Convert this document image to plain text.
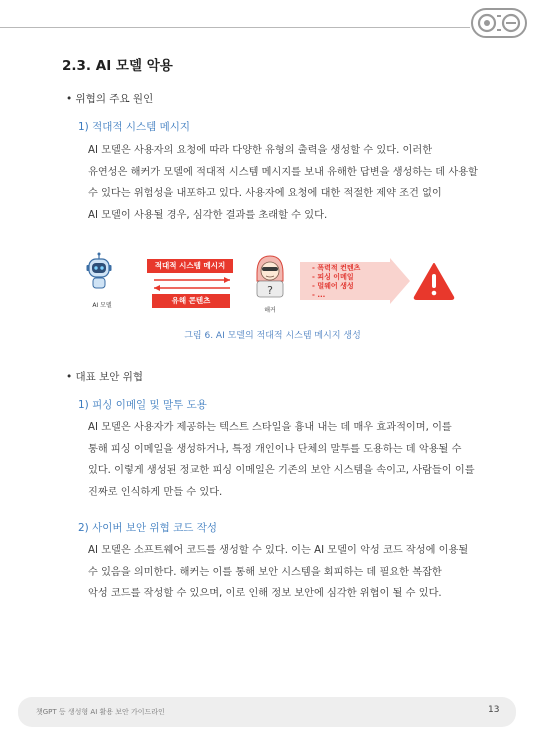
2.3. AI 모델 악용
• 위협의 주요 원인
1) 적대적 시스템 메시지
AI 모델은 사용자의 요청에 따라 다양한 유형의 출력을 생성할 수 있다. 이러한
유연성은 해커가 모델에 적대적 시스템 메시지를 보내 유해한 답변을 생성하는 데 사용할
수 있다는 위험성을 내포하고 있다. 사용자에 요청에 대한 적절한 제약 조건 없이
AI 모델이 사용될 경우, 심각한 결과를 초래할 수 있다.
AI 모델
적대적 시스템 메시지
유해 콘텐츠
?
해커
- 폭력적 컨텐츠
- 피싱 이메일
- 멀웨어 생성
- ...
그림 6. AI 모델의 적대적 시스템 메시지 생성
• 대표 보안 위협
1) 피싱 이메일 및 말투 도용
AI 모델은 사용자가 제공하는 텍스트 스타일을 흉내 내는 데 매우 효과적이며, 이를
통해 피싱 이메일을 생성하거나, 특정 개인이나 단체의 말투를 도용하는 데 악용될 수
있다. 이렇게 생성된 정교한 피싱 이메일은 기존의 보안 시스템을 속이고, 사람들이 이를
진짜로 인식하게 만들 수 있다.
2) 사이버 보안 위협 코드 작성
AI 모델은 소프트웨어 코드를 생성할 수 있다. 이는 AI 모델이 악성 코드 작성에 이용될
수 있음을 의미한다. 해커는 이를 통해 보안 시스템을 회피하는 데 필요한 복잡한
악성 코드를 작성할 수 있으며, 이로 인해 정보 보안에 심각한 위협이 될 수 있다.
챗GPT 등 생성형 AI 활용 보안 가이드라인	13
